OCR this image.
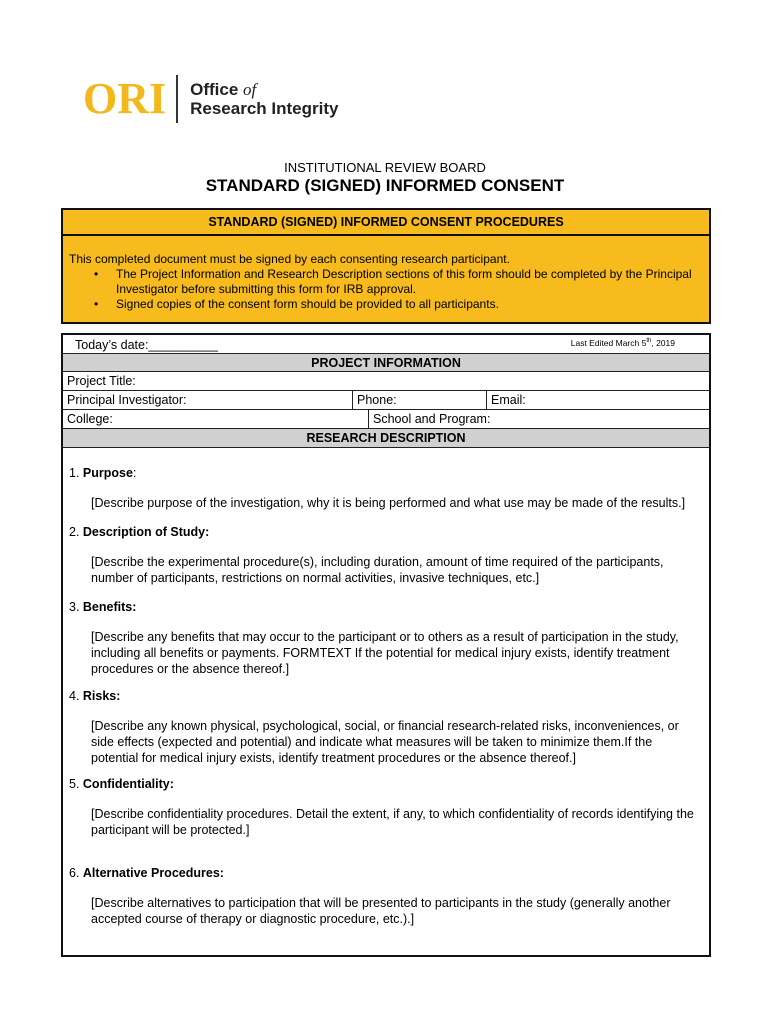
ORI Office of
Research Integrity
INSTITUTIONAL REVIEW BOARD
STANDARD (SIGNED) INFORMED CONSENT
STANDARD (SIGNED) INFORMED CONSENT PROCEDURES
This completed document must be signed by each consenting research participant.
• The Project Information and Research Description sections of this form should be completed by the Principal Investigator before submitting this form for IRB approval.
• Signed copies of the consent form should be provided to all participants.
Last Edited March 5th, 2019
Today’s date:__________
PROJECT INFORMATION
Project Title:
Principal Investigator:	Phone:	Email:
College:	School and Program:
RESEARCH DESCRIPTION
1. Purpose:
[Describe purpose of the investigation, why it is being performed and what use may be made of the results.]
2. Description of Study:
[Describe the experimental procedure(s), including duration, amount of time required of the participants, number of participants, restrictions on normal activities, invasive techniques, etc.]
3. Benefits:
[Describe any benefits that may occur to the participant or to others as a result of participation in the study, including all benefits or payments. FORMTEXT If the potential for medical injury exists, identify treatment procedures or the absence thereof.]
4. Risks:
[Describe any known physical, psychological, social, or financial research-related risks, inconveniences, or side effects (expected and potential) and indicate what measures will be taken to minimize them.If the potential for medical injury exists, identify treatment procedures or the absence thereof.]
5. Confidentiality:
[Describe confidentiality procedures. Detail the extent, if any, to which confidentiality of records identifying the participant will be protected.]
6. Alternative Procedures:
[Describe alternatives to participation that will be presented to participants in the study (generally another accepted course of therapy or diagnostic procedure, etc.).]
